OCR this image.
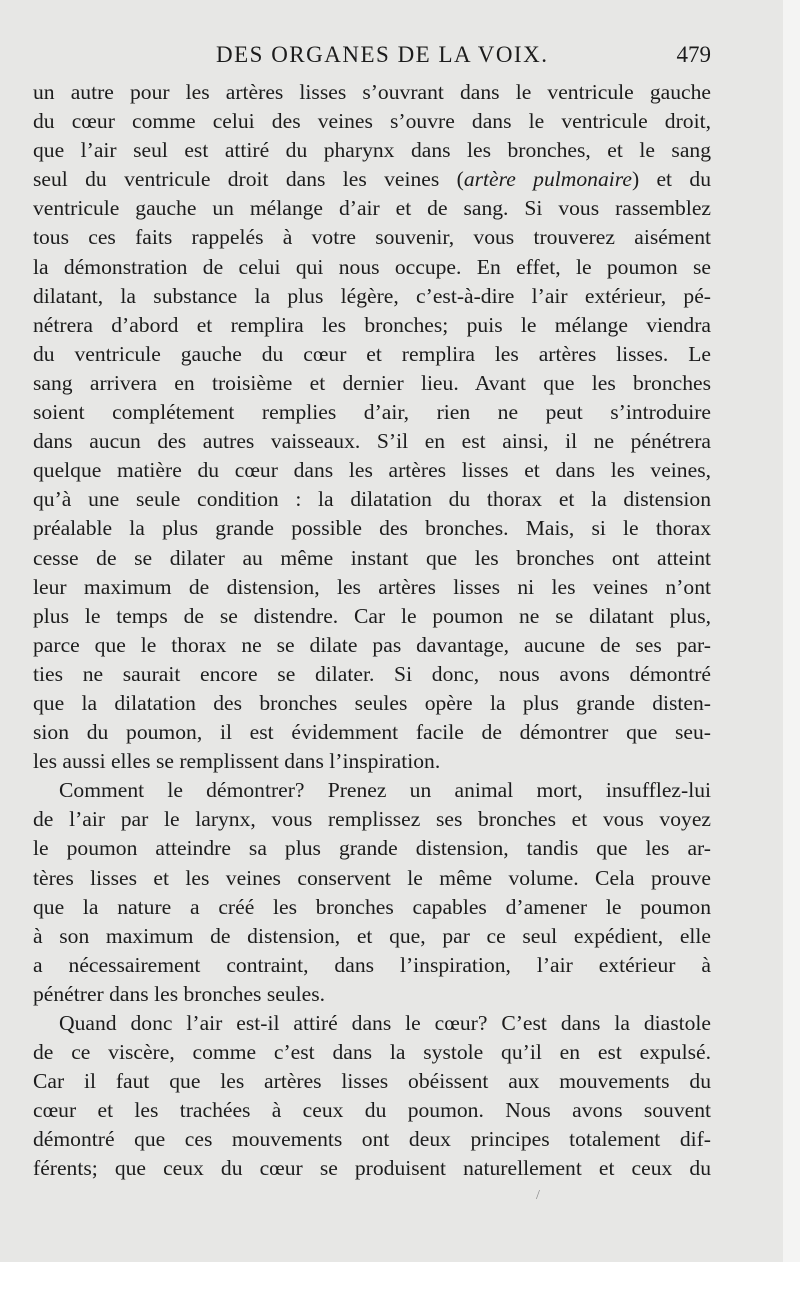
DES ORGANES DE LA VOIX.	479
un autre pour les artères lisses s’ouvrant dans le ventricule gauche
du cœur comme celui des veines s’ouvre dans le ventricule droit,
que l’air seul est attiré du pharynx dans les bronches, et le sang
seul du ventricule droit dans les veines (artère pulmonaire) et du
ventricule gauche un mélange d’air et de sang. Si vous rassemblez
tous ces faits rappelés à votre souvenir, vous trouverez aisément
la démonstration de celui qui nous occupe. En effet, le poumon se
dilatant, la substance la plus légère, c’est-à-dire l’air extérieur, pé-
nétrera d’abord et remplira les bronches; puis le mélange viendra
du ventricule gauche du cœur et remplira les artères lisses. Le
sang arrivera en troisième et dernier lieu. Avant que les bronches
soient complétement remplies d’air, rien ne peut s’introduire
dans aucun des autres vaisseaux. S’il en est ainsi, il ne pénétrera
quelque matière du cœur dans les artères lisses et dans les veines,
qu’à une seule condition : la dilatation du thorax et la distension
préalable la plus grande possible des bronches. Mais, si le thorax
cesse de se dilater au même instant que les bronches ont atteint
leur maximum de distension, les artères lisses ni les veines n’ont
plus le temps de se distendre. Car le poumon ne se dilatant plus,
parce que le thorax ne se dilate pas davantage, aucune de ses par-
ties ne saurait encore se dilater. Si donc, nous avons démontré
que la dilatation des bronches seules opère la plus grande disten-
sion du poumon, il est évidemment facile de démontrer que seu-
les aussi elles se remplissent dans l’inspiration.
Comment le démontrer? Prenez un animal mort, insufflez-lui
de l’air par le larynx, vous remplissez ses bronches et vous voyez
le poumon atteindre sa plus grande distension, tandis que les ar-
tères lisses et les veines conservent le même volume. Cela prouve
que la nature a créé les bronches capables d’amener le poumon
à son maximum de distension, et que, par ce seul expédient, elle
a nécessairement contraint, dans l’inspiration, l’air extérieur à
pénétrer dans les bronches seules.
Quand donc l’air est-il attiré dans le cœur? C’est dans la diastole
de ce viscère, comme c’est dans la systole qu’il en est expulsé.
Car il faut que les artères lisses obéissent aux mouvements du
cœur et les trachées à ceux du poumon. Nous avons souvent
démontré que ces mouvements ont deux principes totalement dif-
férents; que ceux du cœur se produisent naturellement et ceux du
/
